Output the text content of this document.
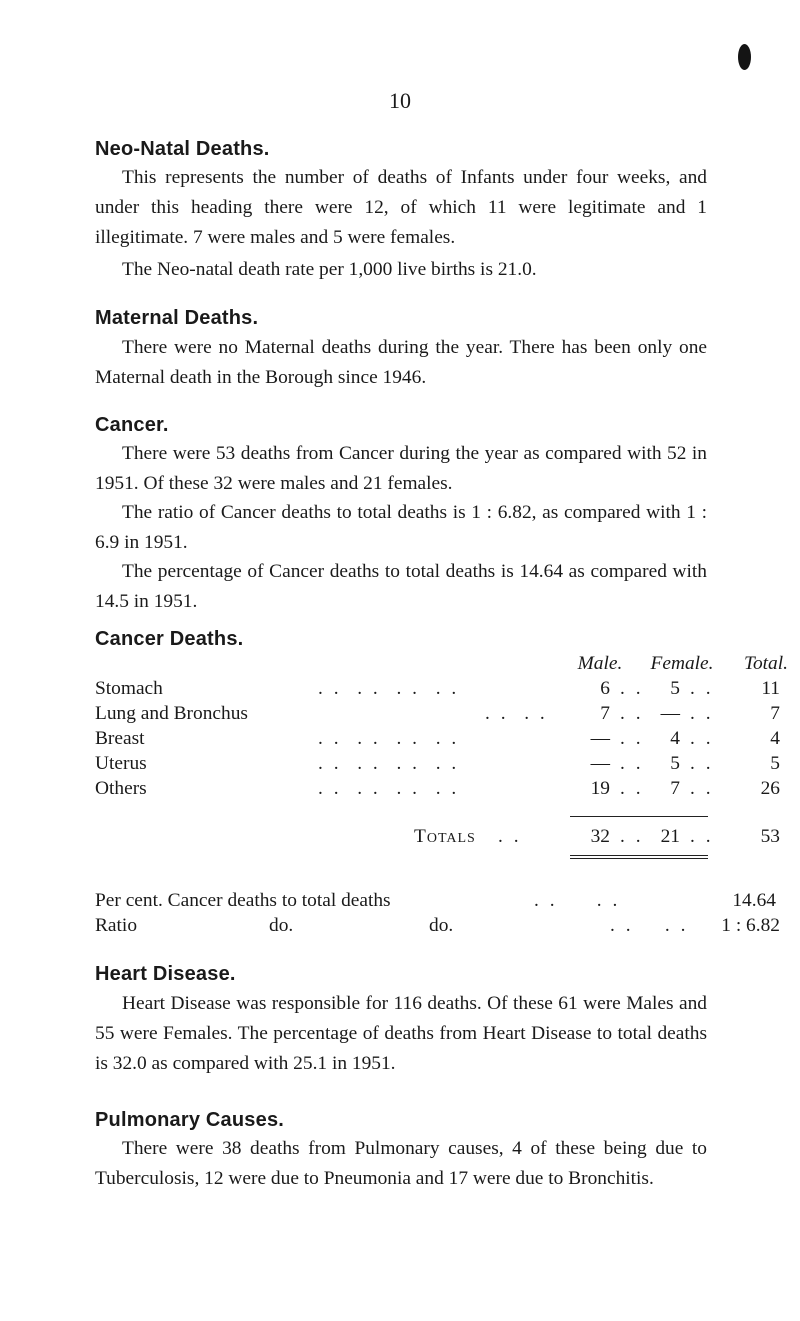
10
Neo-Natal Deaths.
This represents the number of deaths of Infants under four weeks, and under this heading there were 12, of which 11 were legitimate and 1 illegitimate. 7 were males and 5 were females.
The Neo-natal death rate per 1,000 live births is 21.0.
Maternal Deaths.
There were no Maternal deaths during the year. There has been only one Maternal death in the Borough since 1946.
Cancer.
There were 53 deaths from Cancer during the year as compared with 52 in 1951. Of these 32 were males and 21 females.
The ratio of Cancer deaths to total deaths is 1 : 6.82, as compared with 1 : 6.9 in 1951.
The percentage of Cancer deaths to total deaths is 14.64 as compared with 14.5 in 1951.
Cancer Deaths.
Male.	Female.	Total.
Stomach	. .  . .  . .  . .	6 . .	5 . .	11
Lung and Bronchus	. .  . .	7 . . — . .	7
Breast	. .  . .  . .  . .	— . .	4 . .	4
Uterus	. .  . .  . .  . .	— . .	5 . .	5
Others	. .  . .  . .  . .	19 . .	7 . .	26
Totals . .	32 . . 21 . .	53
Per cent. Cancer deaths to total deaths	. .     . .	14.64
Ratio	do.	do.	. .    . .	1 : 6.82
Heart Disease.
Heart Disease was responsible for 116 deaths. Of these 61 were Males and 55 were Females. The percentage of deaths from Heart Disease to total deaths is 32.0 as compared with 25.1 in 1951.
Pulmonary Causes.
There were 38 deaths from Pulmonary causes, 4 of these being due to Tuberculosis, 12 were due to Pneumonia and 17 were due to Bronchitis.
